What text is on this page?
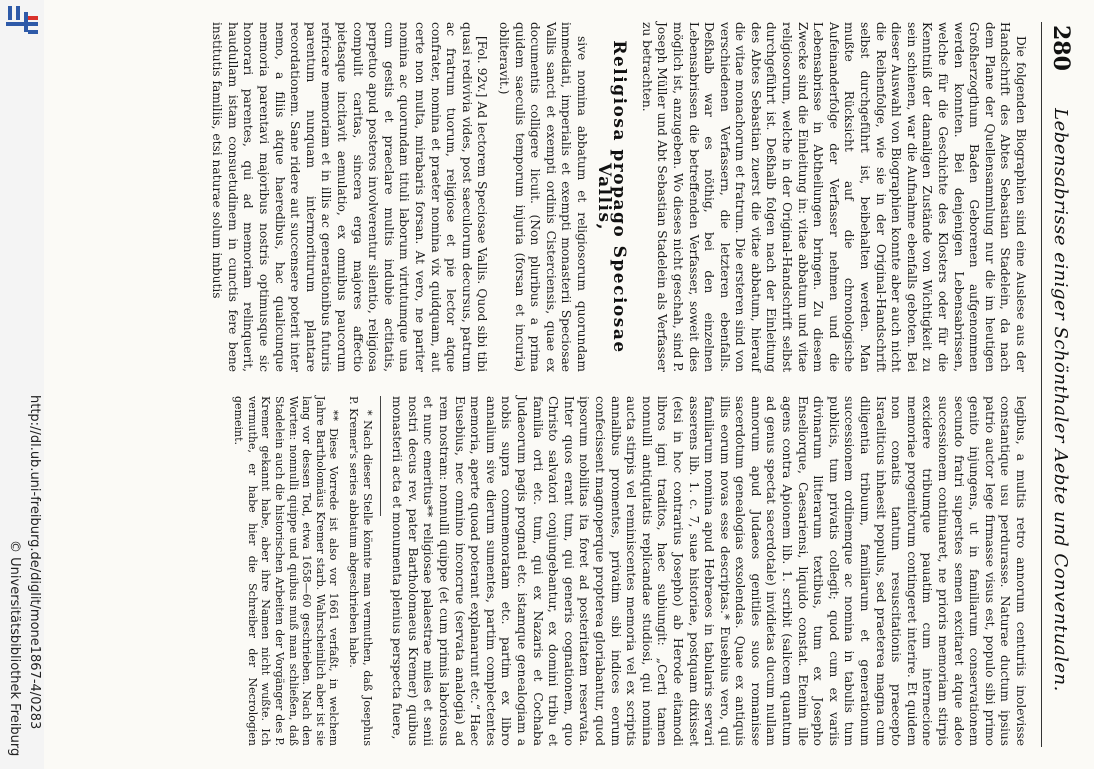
http://dl.ub.uni-freiburg.de/diglit/mone1867-4/0283
© Universitätsbibliothek Freiburg
280
Lebensabrisse einiger Schönthaler Aebte und Conventualen.

Die folgenden Biographien sind eine Auslese aus der Handschrift des Abtes Sebastian Stadelein, da nach dem Plane der Quellensammlung nur die im heutigen Großherzogthum Baden Geborenen aufgenommen werden konnten. Bei denjenigen Lebensabrissen, welche für die Geschichte des Klosters oder für die Kenntniß der damaligen Zustände von Wichtigkeit zu sein schienen, war die Aufnahme ebenfalls geboten. Bei dieser Auswahl von Biographien konnte aber auch nicht die Reihenfolge, wie sie in der Original-Handschrift selbst durchgeführt ist, beibehalten werden. Man mußte Rücksicht auf die chronologische Aufeinanderfolge der Verfasser nehmen und die Lebensabrisse in Abtheilungen bringen. Zu diesem Zwecke sind die Einleitung in: vitae abbatum und vitae religiosorum, welche in der Original-Handschrift selbst durchgeführt ist. Deßhalb folgen nach der Einleitung des Abtes Sebastian zuerst die vitae abbatum, hierauf die vitae monachorum et fratrum. Die ersteren sind von verschiedenen Verfassern, die letzteren ebenfalls. Deßhalb war es nöthig, bei den einzelnen Lebensabrissen die betreffenden Verfasser, soweit dies möglich ist, anzugeben. Wo dieses nicht geschah, sind P. Joseph Müller und Abt Sebastian Stadelein als Verfasser zu betrachten.

Religiosa propago Speciosae Vallis,

sive nomina abbatum et religiosorum quorundam immediati, imperialis et exempti monasterii Speciosae Vallis sancti et exempti ordinis Cisterciensis, quae ex documentis colligere licuit. (Non pluribus a prima quidem saeculis temporum injuria (forsan et incuria) obliteravit.)

[Fol. 92v.] Ad lectorem Speciosae Vallis. Quod sibi tibi quasi redivivia vides, post saeculorum decursus, patrum ac fratrum tuorum, religiose et pie lector atque confrater, nomina et praeter nomina vix quidquam, aut certe non multa, mirabaris forsan. At vero, ne pariter nomina ac quorundam tituli laborum virtutumque una cum gestis et praeclare multis indubie actitatis, perpetuo apud posteros involverentur silentio, religiosa compulit caritas, sincera erga majores affectio pietasque incitavit aemulatio, ex omnibus paucorum refricare memoriam et in illis ac generationibus futuris parentum nunquam intermoriturum plantare recordationem. Sane ridere aut succensere poterit inter nemo, a filiis atque haeredibus, hac qualicunque memoria parentavi majoribus nostris optimusque sic honorari parentes, qui ad memoriam relinquerit, haudullam istam consuetudinem in cunctis fere bene institutis familiis, etsi naturae solum imbutis

legibus, a multis retro annorum centuriis inolevisse constantique usu perdurasse. Naturae ductum ipsius patrio auctor lege firmasse visus est, populo sibi primo genito injungens, ut in familiarum conservationem secundo fratri superstes semen excitaret atque adeo successionem continuaret, ne prioris memoriam stirpis excidere tribumque pauatim cum internecione memoriae progenitorum contingeret interire. Et quidem non conatis tantum resuscitationis praecepto Israeliticus inhaesit populus, sed praeterea magna cum diligentia tribuum, familiarum et generationum successionem ordinemque ac nomina in tabulis tum publicis, tum privatis collegit; quod cum ex variis divinarum litterarum textibus, tum ex Josepho Enseliorque, Caesariensi, liquido constat. Etenim ille agens contra Apionem lib. 1. scribit (salicem quantum ad genus spectat sacerdotale) invidietas ducum nullam annorum apud Judaeos genitiles suos romanisse sacerdotum genealogias exsolendas. Quae ex antiquis illis eorum novas esse descriptas.* Eusebius vero, qui familiarum nomina apud Hebraeos in tabularis servari asserens lib. 1. c. 7, suae historiae, postquam dixisset (etsi in hoc contrarius Josepho) ab Herode eitamodi libros igni traditos, haec subiungit: „Certi tamen nonnulli antiquitatis replicandae studiosi, qui nomina aucta stirpis vel reminiscentes memoria vel ex scriptis annalibus promentes, privatim sibi indices eorum confecissent magnoperque propterea gloriabantur, quod ipsorum nobilitas ita foret ad posteritatem reservata. Inter quos erant tum, qui generis cognationem, quo Christo salvatori conjungebantur, ex domini tribu et familia orti etc. tum, qui ex Nazaris et Cochaba Judaeorum pagis prognati etc. istamque genealogiam a nobis supra commemoratam etc. partim ex libro annalium sive dierum sumentes, partim complectentes memoria, aperte quoad poterant explanarunt etc.“ Haec Eusebius, nec omnino inconcrue (servata analogia) ad rem nostram: nonnulli quippe (et cum primis laboriosus et nunc emeritus** religiosae palaestrae miles et senii nostri decus rev. pater Bartholomaeus Kremer) quibus monasterii acta et monumenta plenius perspecta fuere,

* Nach dieser Stelle könnte man vermuthen, daß Josephus P. Kremer's series abbatum abgeschrieben habe.

** Diese Vorrede ist also vor 1661 verfaßt, in welchem Jahre Bartholomäus Kremer starb. Wahrscheinlich aber ist sie lang vor dessen Tod, etwa 1658—60 geschrieben. Nach den Worten: nonnulli quippe und quibus muß man schließen, daß Stadelein auch die historischen Arbeiten der Vorgänger des P. Kremer gekannt habe, aber ihre Namen nicht wußte. Ich vermuthe, er habe hier die Schreiber der Necrologien gemeint.
